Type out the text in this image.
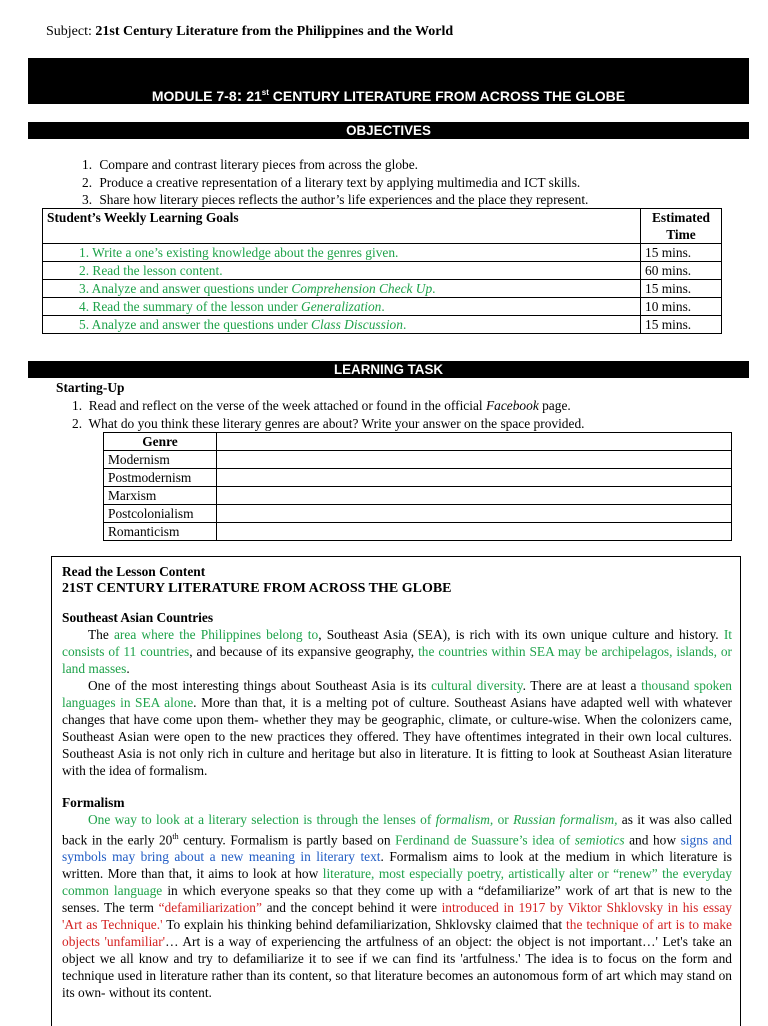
Subject: 21st Century Literature from the Philippines and the World
MODULE 7-8: 21st CENTURY LITERATURE FROM ACROSS THE GLOBE
OBJECTIVES
1. Compare and contrast literary pieces from across the globe.
2. Produce a creative representation of a literary text by applying multimedia and ICT skills.
3. Share how literary pieces reflects the author’s life experiences and the place they represent.
Student’s Weekly Learning Goals	Estimated Time
1. Write a one’s existing knowledge about the genres given.	15 mins.
2. Read the lesson content.	60 mins.
3. Analyze and answer questions under Comprehension Check Up.	15 mins.
4. Read the summary of the lesson under Generalization.	10 mins.
5. Analyze and answer the questions under Class Discussion.	15 mins.
LEARNING TASK
Starting-Up
1.  Read and reflect on the verse of the week attached or found in the official Facebook page.
2.  What do you think these literary genres are about? Write your answer on the space provided.
Genre	
Modernism	
Postmodernism	
Marxism	
Postcolonialism	
Romanticism	

Read the Lesson Content

21ST CENTURY LITERATURE FROM ACROSS THE GLOBE

Southeast Asian Countries

The area where the Philippines belong to, Southeast Asia (SEA), is rich with its own unique culture and history. It consists of 11 countries, and because of its expansive geography, the countries within SEA may be archipelagos, islands, or land masses.

One of the most interesting things about Southeast Asia is its cultural diversity. There are at least a thousand spoken languages in SEA alone. More than that, it is a melting pot of culture. Southeast Asians have adapted well with whatever changes that have come upon them- whether they may be geographic, climate, or culture-wise. When the colonizers came, Southeast Asian were open to the new practices they offered. They have oftentimes integrated in their own local cultures. Southeast Asia is not only rich in culture and heritage but also in literature. It is fitting to look at Southeast Asian literature with the idea of formalism.

Formalism

One way to look at a literary selection is through the lenses of formalism, or Russian formalism, as it was also called back in the early 20th century. Formalism is partly based on Ferdinand de Suassure’s idea of semiotics and how signs and symbols may bring about a new meaning in literary text. Formalism aims to look at the medium in which literature is written. More than that, it aims to look at how literature, most especially poetry, artistically alter or “renew” the everyday common language in which everyone speaks so that they come up with a “defamiliarize” work of art that is new to the senses. The term “defamiliarization” and the concept behind it were introduced in 1917 by Viktor Shklovsky in his essay 'Art as Technique.' To explain his thinking behind defamiliarization, Shklovsky claimed that the technique of art is to make objects 'unfamiliar'… Art is a way of experiencing the artfulness of an object: the object is not important…' Let's take an object we all know and try to defamiliarize it to see if we can find its 'artfulness.' The idea is to focus on the form and technique used in literature rather than its content, so that literature becomes an autonomous form of art which may stand on its own- without its content.
